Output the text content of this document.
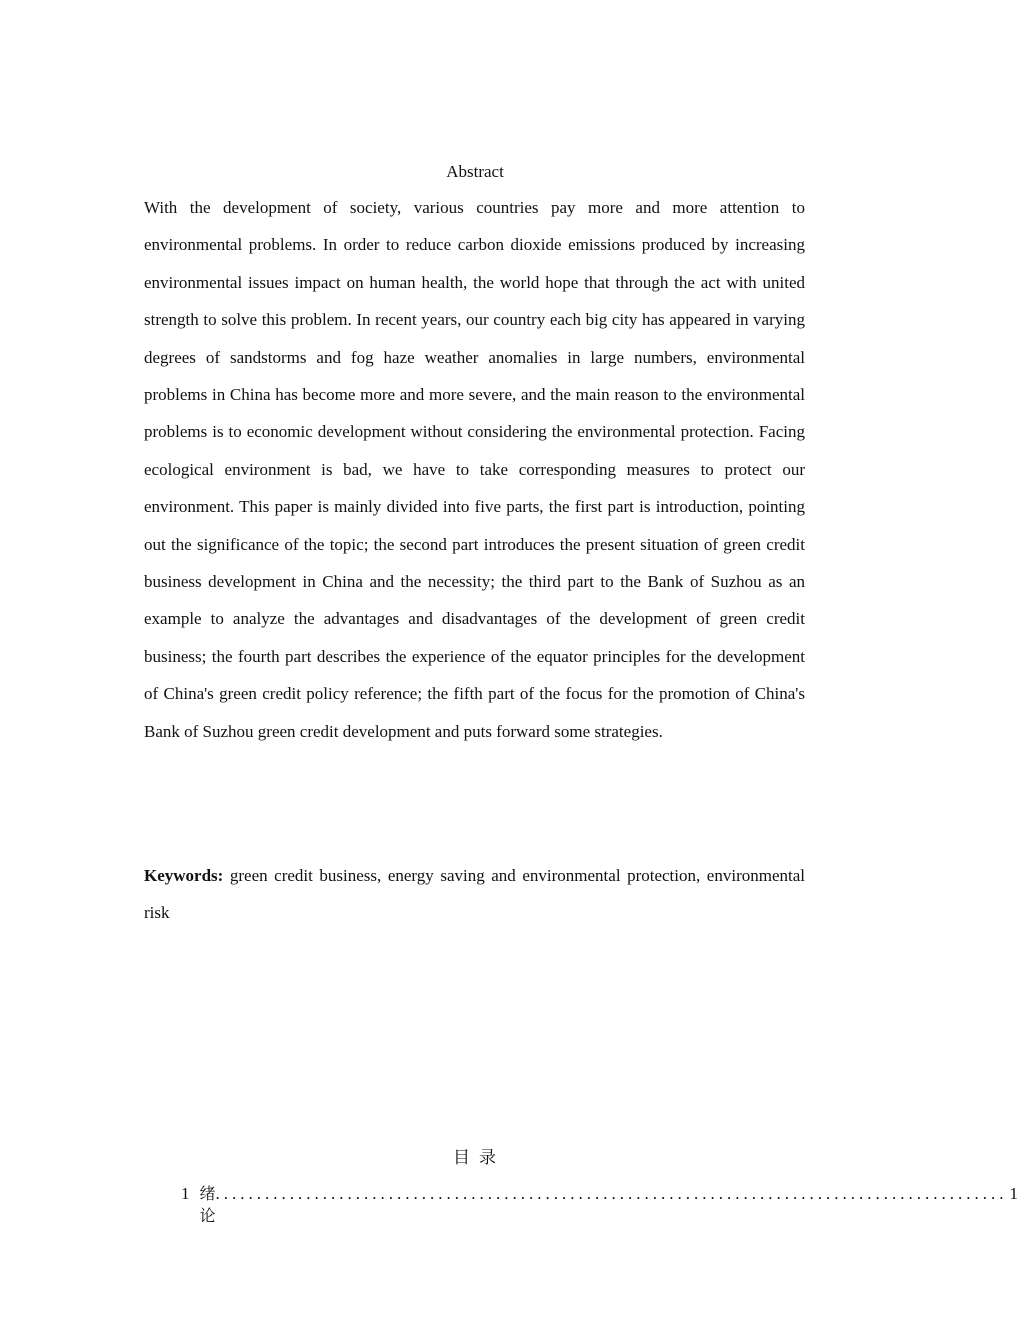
Abstract

With the development of society, various countries pay more and more attention to environmental problems. In order to reduce carbon dioxide emissions produced by increasing environmental issues impact on human health, the world hope that through the act with united strength to solve this problem. In recent years, our country each big city has appeared in varying degrees of sandstorms and fog haze weather anomalies in large numbers, environmental problems in China has become more and more severe, and the main reason to the environmental problems is to economic development without considering the environmental protection. Facing ecological environment is bad, we have to take corresponding measures to protect our environment. This paper is mainly divided into five parts, the first part is introduction, pointing out the significance of the topic; the second part introduces the present situation of green credit business development in China and the necessity; the third part to the Bank of Suzhou as an example to analyze the advantages and disadvantages of the development of green credit business; the fourth part describes the experience of the equator principles for the development of China's green credit policy reference; the fifth part of the focus for the promotion of China's Bank of Suzhou green credit development and puts forward some strategies.

Keywords: green credit business, energy saving and environmental protection, environmental risk

目录
1 绪论
................................................................................................ 1
